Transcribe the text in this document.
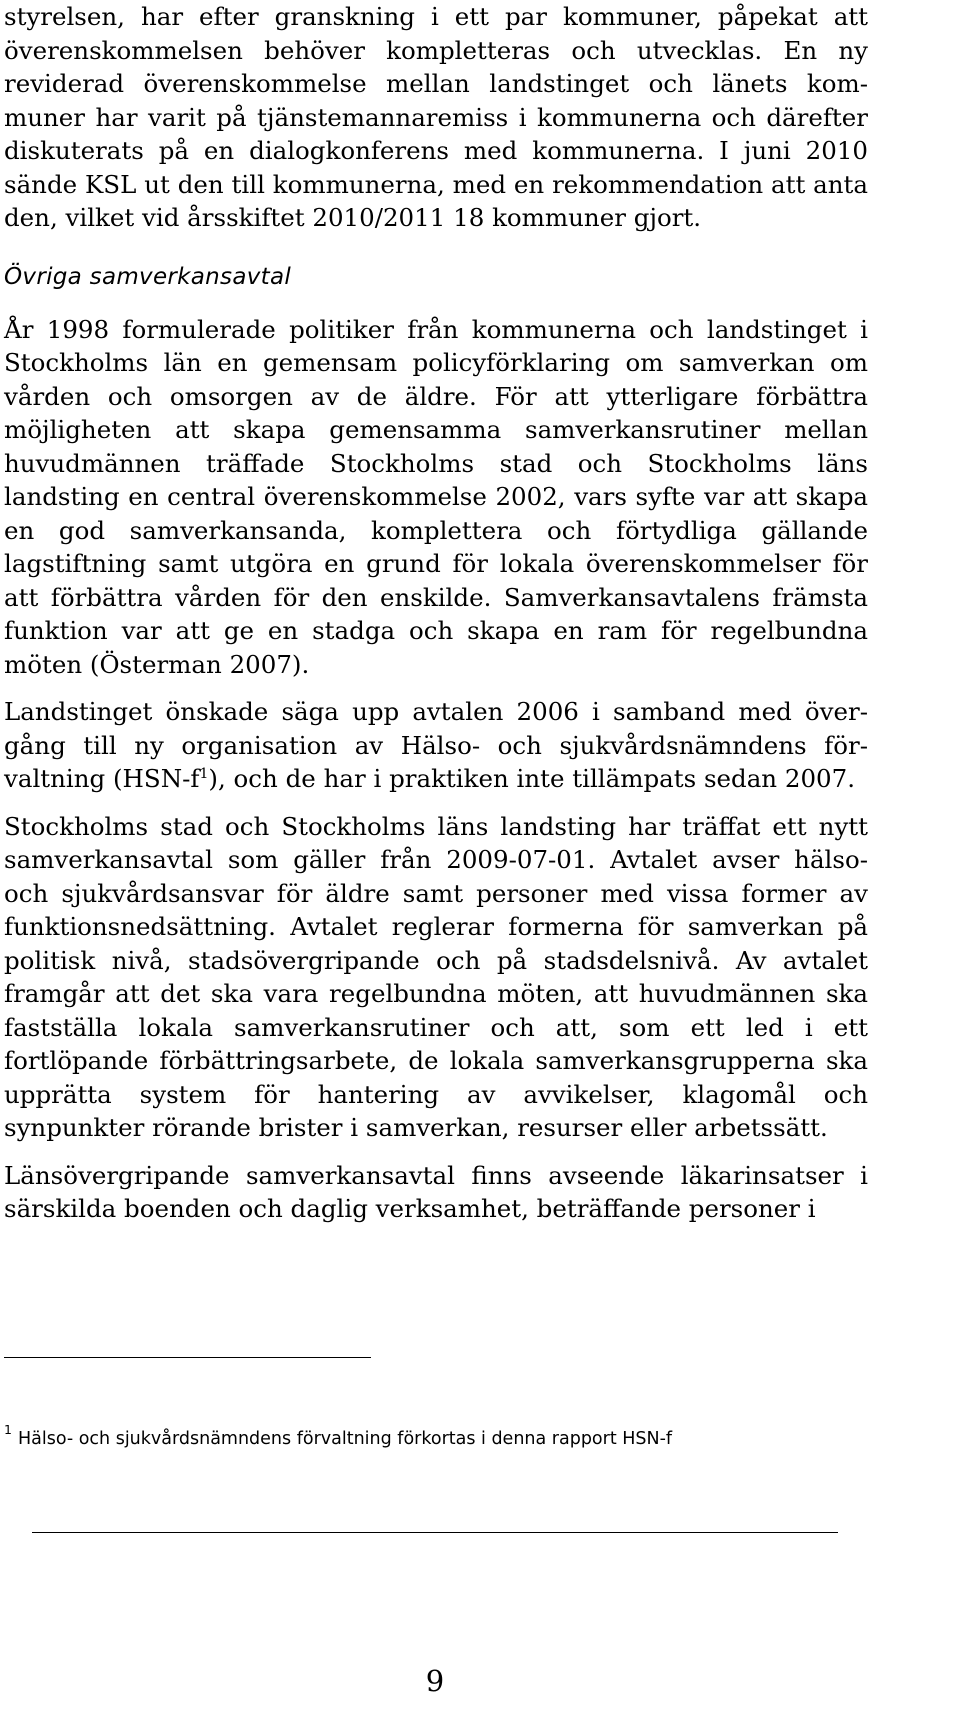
styrelsen, har efter granskning i ett par kommuner, påpekat att överenskommelsen behöver kompletteras och utvecklas. En ny reviderad överenskommelse mellan landstinget och länets kommuner har varit på tjänstemannaremiss i kommunerna och därefter diskuterats på en dialogkonferens med kommunerna. I juni 2010 sände KSL ut den till kommunerna, med en rekommendation att anta den, vilket vid årsskiftet 2010/2011 18 kommuner gjort.

Övriga samverkansavtal

År 1998 formulerade politiker från kommunerna och landstinget i Stockholms län en gemensam policyförklaring om samverkan om vården och omsorgen av de äldre. För att ytterligare förbättra möjligheten att skapa gemensamma samverkansrutiner mellan huvudmännen träffade Stockholms stad och Stockholms läns landsting en central överenskommelse 2002, vars syfte var att skapa en god samverkansanda, komplettera och förtydliga gällande lagstiftning samt utgöra en grund för lokala överenskommelser för att förbättra vården för den enskilde. Samverkansavtalens främsta funktion var att ge en stadga och skapa en ram för regelbundna möten (Österman 2007).

Landstinget önskade säga upp avtalen 2006 i samband med övergång till ny organisation av Hälso- och sjukvårdsnämndens förvaltning (HSN-f$^1$), och de har i praktiken inte tillämpats sedan 2007.

Stockholms stad och Stockholms läns landsting har träffat ett nytt samverkansavtal som gäller från 2009-07-01. Avtalet avser hälso- och sjukvårdsansvar för äldre samt personer med vissa former av funktionsnedsättning. Avtalet reglerar formerna för samverkan på politisk nivå, stadsövergripande och på stadsdelsnivå. Av avtalet framgår att det ska vara regelbundna möten, att huvudmännen ska fastställa lokala samverkansrutiner och att, som ett led i ett fortlöpande förbättringsarbete, de lokala samverkansgrupperna ska upprätta system för hantering av avvikelser, klagomål och synpunkter rörande brister i samverkan, resurser eller arbetssätt.

Länsövergripande samverkansavtal finns avseende läkarinsatser i särskilda boenden och daglig verksamhet, beträffande personer i

$^1$ Hälso- och sjukvårdsnämndens förvaltning förkortas i denna rapport HSN-f
9
